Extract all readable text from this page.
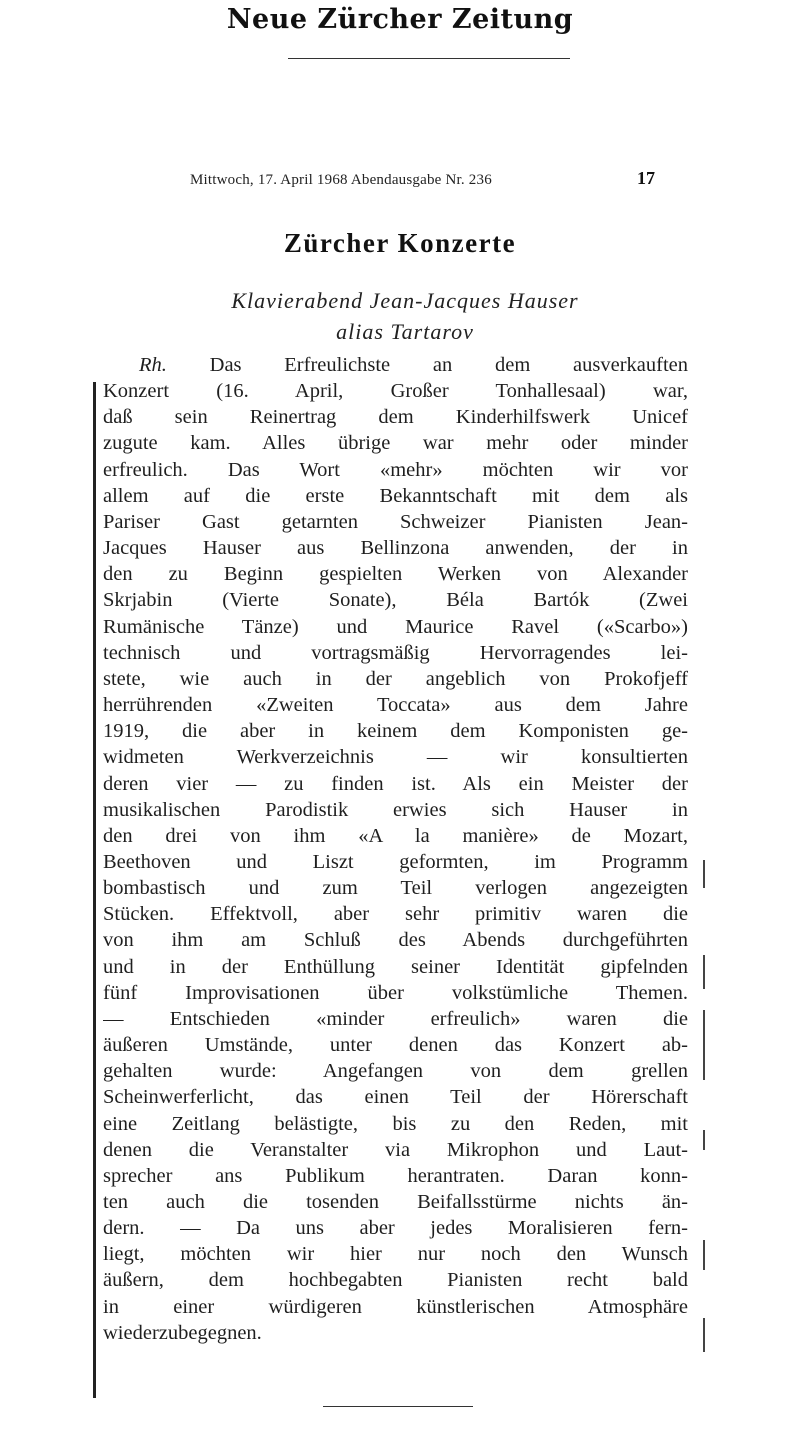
Neue Zürcher Zeitung
Mittwoch, 17. April 1968 Abendausgabe Nr. 236	17
Zürcher Konzerte
Klavierabend Jean-Jacques Hauser
alias Tartarov
Rh. Das Erfreulichste an dem ausverkauften
Konzert (16. April, Großer Tonhallesaal) war,
daß sein Reinertrag dem Kinderhilfswerk Unicef
zugute kam. Alles übrige war mehr oder minder
erfreulich. Das Wort «mehr» möchten wir vor
allem auf die erste Bekanntschaft mit dem als
Pariser Gast getarnten Schweizer Pianisten Jean-
Jacques Hauser aus Bellinzona anwenden, der in
den zu Beginn gespielten Werken von Alexander
Skrjabin (Vierte Sonate), Béla Bartók (Zwei
Rumänische Tänze) und Maurice Ravel («Scarbo»)
technisch und vortragsmäßig Hervorragendes lei-
stete, wie auch in der angeblich von Prokofjeff
herrührenden «Zweiten Toccata» aus dem Jahre
1919, die aber in keinem dem Komponisten ge-
widmeten Werkverzeichnis — wir konsultierten
deren vier — zu finden ist. Als ein Meister der
musikalischen Parodistik erwies sich Hauser in
den drei von ihm «A la manière» de Mozart,
Beethoven und Liszt geformten, im Programm
bombastisch und zum Teil verlogen angezeigten
Stücken. Effektvoll, aber sehr primitiv waren die
von ihm am Schluß des Abends durchgeführten
und in der Enthüllung seiner Identität gipfelnden
fünf Improvisationen über volkstümliche Themen.
— Entschieden «minder erfreulich» waren die
äußeren Umstände, unter denen das Konzert ab-
gehalten wurde: Angefangen von dem grellen
Scheinwerferlicht, das einen Teil der Hörerschaft
eine Zeitlang belästigte, bis zu den Reden, mit
denen die Veranstalter via Mikrophon und Laut-
sprecher ans Publikum herantraten. Daran konn-
ten auch die tosenden Beifallsstürme nichts än-
dern. — Da uns aber jedes Moralisieren fern-
liegt, möchten wir hier nur noch den Wunsch
äußern, dem hochbegabten Pianisten recht bald
in einer würdigeren künstlerischen Atmosphäre
wiederzubegegnen.
